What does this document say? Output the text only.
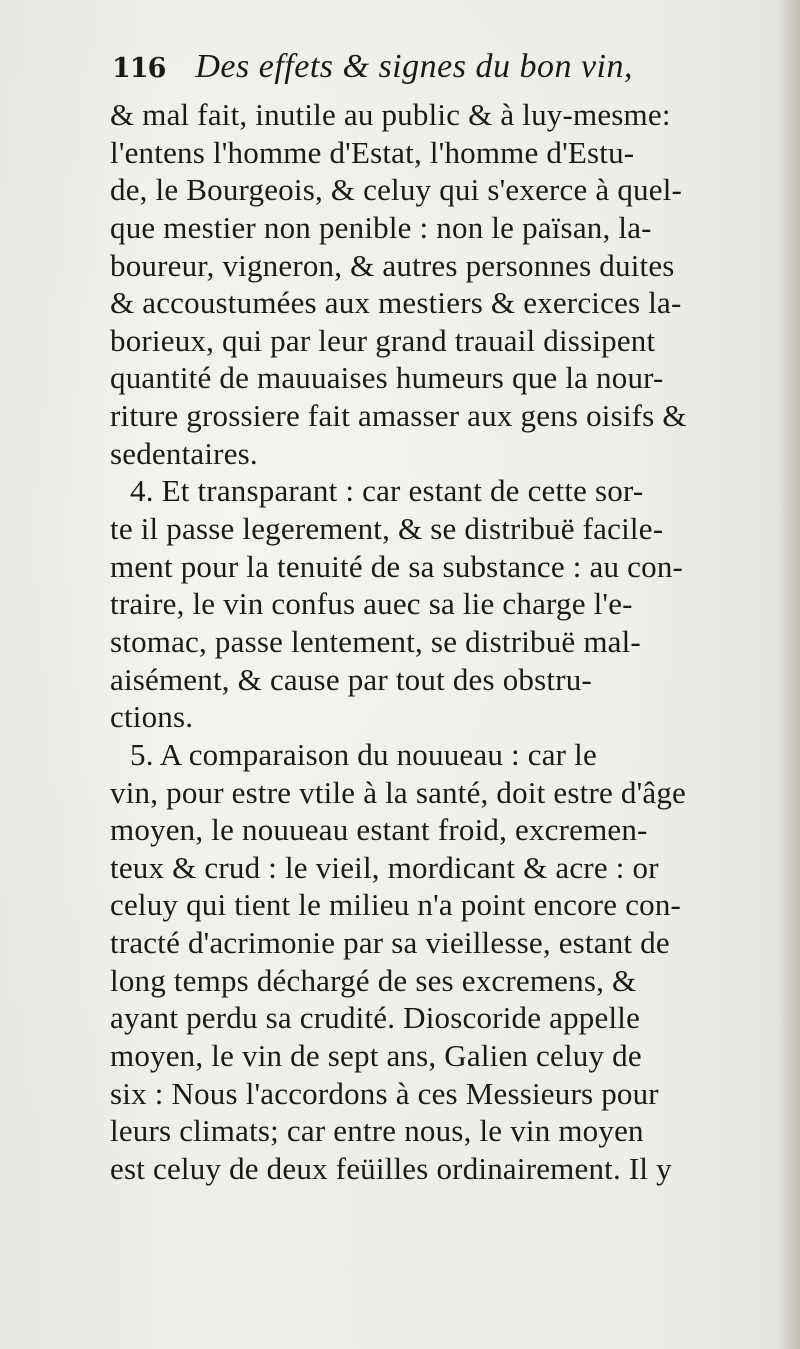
116 Des effets & signes du bon vin,
& mal fait, inutile au public & à luy-mesme:
l'entens l'homme d'Estat, l'homme d'Estu-
de, le Bourgeois, & celuy qui s'exerce à quel-
que mestier non penible : non le païsan, la-
boureur, vigneron, & autres personnes duites
& accoustumées aux mestiers & exercices la-
borieux, qui par leur grand trauail dissipent
quantité de mauuaises humeurs que la nour-
riture grossiere fait amasser aux gens oisifs &
sedentaires.
4. Et transparant : car estant de cette sor-
te il passe legerement, & se distribuë facile-
ment pour la tenuité de sa substance : au con-
traire, le vin confus auec sa lie charge l'e-
stomac, passe lentement, se distribuë mal-
aisément, & cause par tout des obstru-
ctions.
5. A comparaison du nouueau : car le
vin, pour estre vtile à la santé, doit estre d'âge
moyen, le nouueau estant froid, excremen-
teux & crud : le vieil, mordicant & acre : or
celuy qui tient le milieu n'a point encore con-
tracté d'acrimonie par sa vieillesse, estant de
long temps déchargé de ses excremens, &
ayant perdu sa crudité. Dioscoride appelle
moyen, le vin de sept ans, Galien celuy de
six : Nous l'accordons à ces Messieurs pour
leurs climats; car entre nous, le vin moyen
est celuy de deux feüilles ordinairement. Il y
